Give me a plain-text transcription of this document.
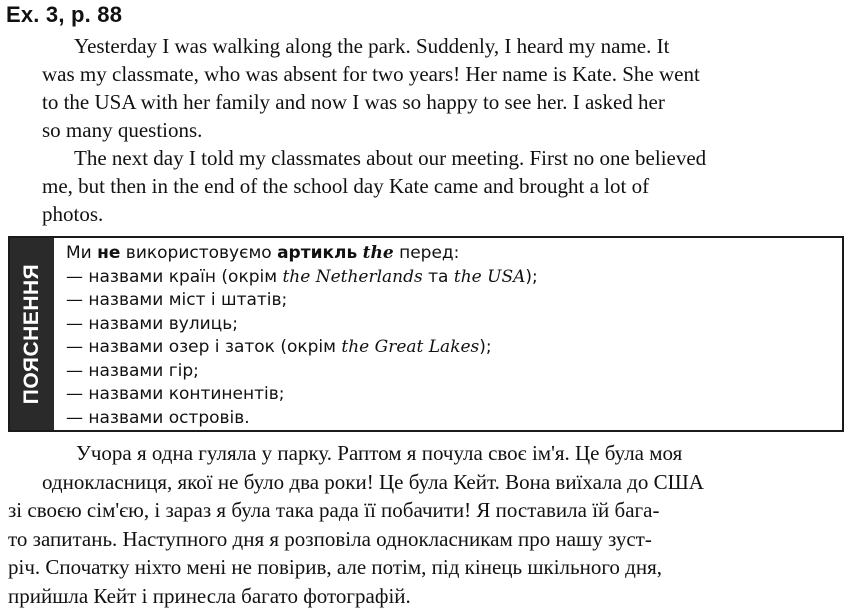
Ex. 3, p. 88

Yesterday I was walking along the park. Suddenly, I heard my name. It
was my classmate, who was absent for two years! Her name is Kate. She went
to the USA with her family and now I was so happy to see her. I asked her
so many questions.

The next day I told my classmates about our meeting. First no one believed
me, but then in the end of the school day Kate came and brought a lot of
photos.

ПОЯСНЕННЯ
Ми не використовуємо артикль the перед:
— назвами країн (окрім the Netherlands та the USA);
— назвами міст і штатів;
— назвами вулиць;
— назвами озер і заток (окрім the Great Lakes);
— назвами гір;
— назвами континентів;
— назвами островів.
Учора я одна гуляла у парку. Раптом я почула своє ім'я. Це була моя
однокласниця, якої не було два роки! Це була Кейт. Вона виїхала до США
зі своєю сім'єю, і зараз я була така рада її побачити! Я поставила їй бага-
то запитань. Наступного дня я розповіла однокласникам про нашу зуст-
річ. Спочатку ніхто мені не повірив, але потім, під кінець шкільного дня,
прийшла Кейт і принесла багато фотографій.
